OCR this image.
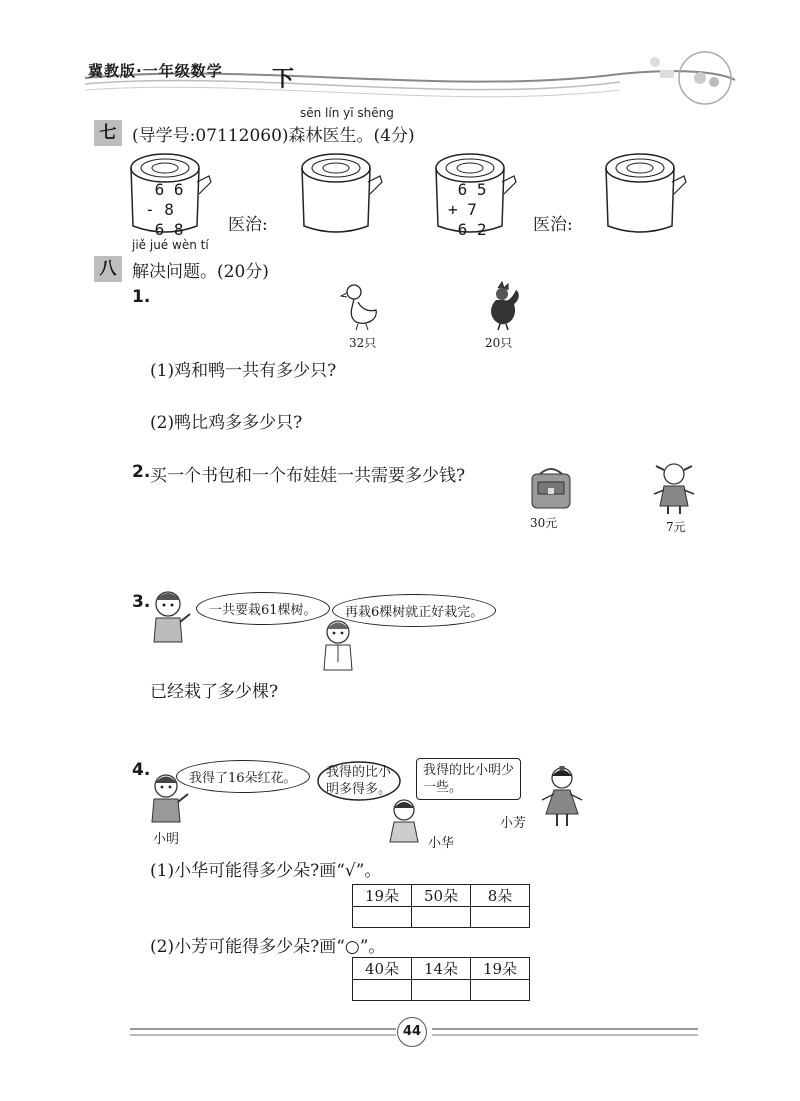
冀教版·一年级数学 下
sēn lín yī shēng
七 (导学号:07112060)森林医生。(4分)
6 6
- 8
6 8	医治:
6 5
+ 7
6 2	医治:
jiě jué wèn tí
八 解决问题。(20分)
1.
32只	20只
(1)鸡和鸭一共有多少只?
(2)鸭比鸡多多少只?
2. 买一个书包和一个布娃娃一共需要多少钱?
30元	7元
3.	一共要栽61棵树。	再栽6棵树就正好栽完。
已经栽了多少棵?
4.
小明
我得了16朵红花。	我得的比小
明多得多。
小华
我得的比小明少
一些。
小芳
(1)小华可能得多少朵?画“√”。
19朵	50朵	8朵

(2)小芳可能得多少朵?画“○”。
40朵	14朵	19朵

44
